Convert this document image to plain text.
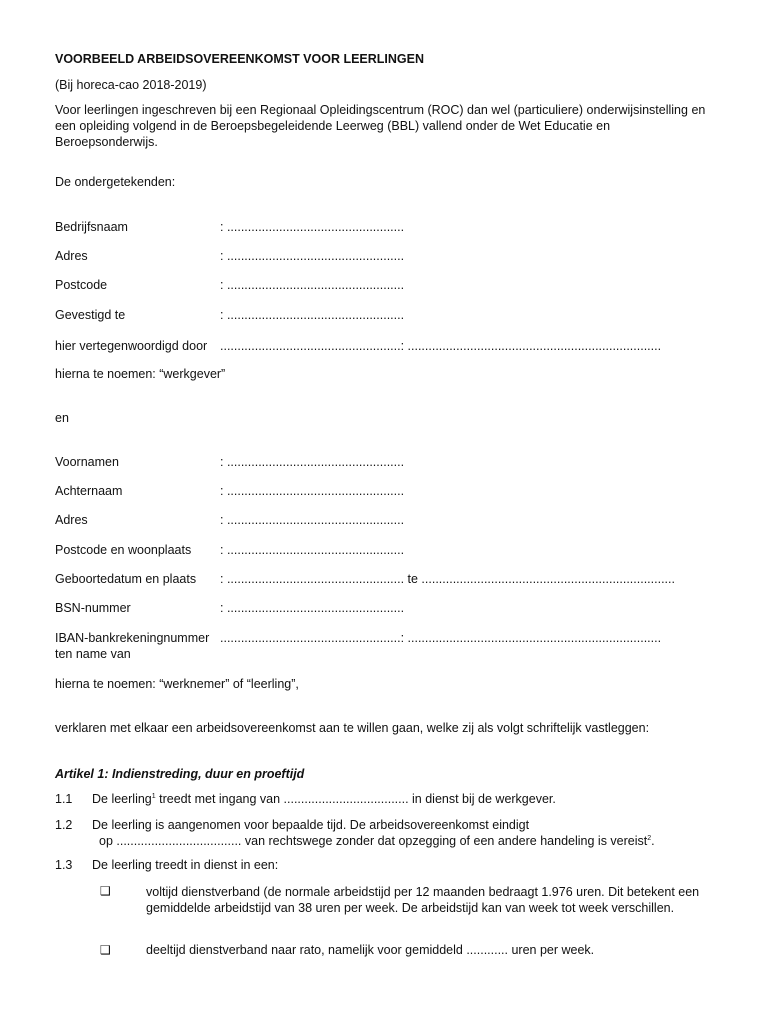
VOORBEELD ARBEIDSOVEREENKOMST VOOR LEERLINGEN
(Bij horeca-cao 2018-2019)
Voor leerlingen ingeschreven bij een Regionaal Opleidingscentrum (ROC) dan wel (particuliere) onderwijsinstelling en een opleiding volgend in de Beroepsbegeleidende Leerweg (BBL) vallend onder de Wet Educatie en Beroepsonderwijs.
De ondergetekenden:
Bedrijfsnaam	: ...................................................
Adres	: ...................................................
Postcode	: ...................................................
Gevestigd te	: ...................................................
hier vertegenwoordigd door ....................................................: .........................................................................
hierna te noemen: “werkgever”
en
Voornamen	: ...................................................
Achternaam	: ...................................................
Adres	: ...................................................
Postcode en woonplaats : ...................................................
Geboortedatum en plaats : ................................................... te .........................................................................
BSN-nummer	: ...................................................
IBAN-bankrekeningnummer ....................................................: .........................................................................
ten name van
hierna te noemen: “werknemer” of “leerling”,
verklaren met elkaar een arbeidsovereenkomst aan te willen gaan, welke zij als volgt schriftelijk vastleggen:
Artikel 1: Indienstreding, duur en proeftijd
1.1 De leerling$^1$ treedt met ingang van .................................... in dienst bij de werkgever.
1.2 De leerling is aangenomen voor bepaalde tijd. De arbeidsovereenkomst eindigt
op .................................... van rechtswege zonder dat opzegging of een andere handeling is vereist$^2$.
1.3 De leerling treedt in dienst in een:
❑	voltijd dienstverband (de normale arbeidstijd per 12 maanden bedraagt 1.976 uren. Dit betekent een gemiddelde arbeidstijd van 38 uren per week. De arbeidstijd kan van week tot week verschillen.
❑	deeltijd dienstverband naar rato, namelijk voor gemiddeld ............ uren per week.
